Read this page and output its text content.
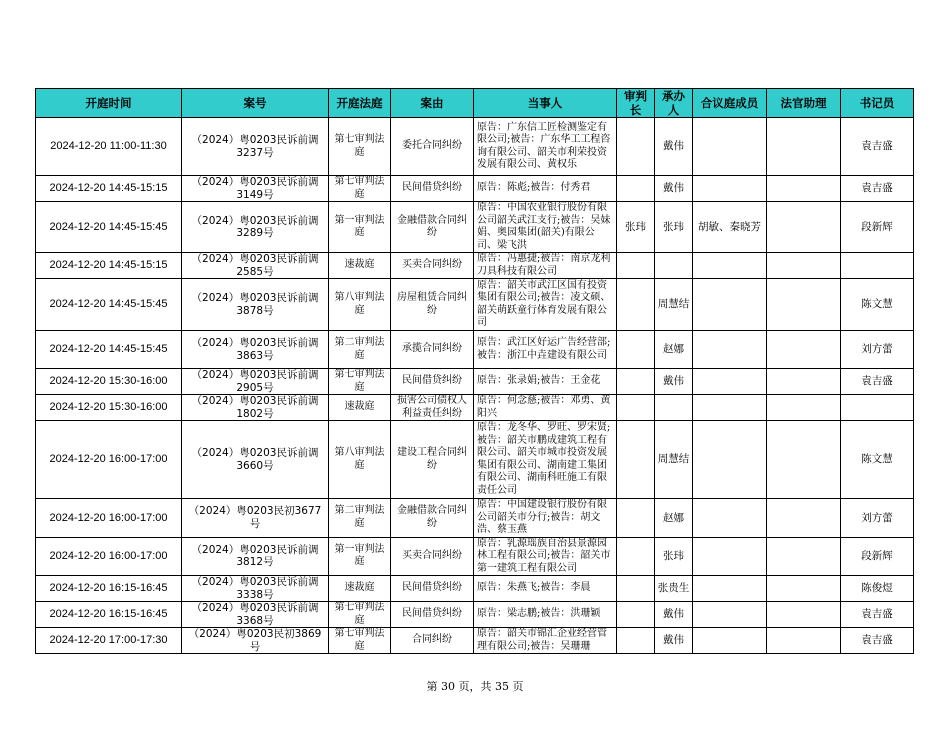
开庭时间	案号	开庭法庭	案由	当事人	审判长	承办人	合议庭成员	法官助理	书记员
2024-12-20 11:00-11:30	（2024）粤0203民诉前调3237号	第七审判法庭	委托合同纠纷	原告：广东信工匠检测鉴定有限公司;被告：广东华工工程咨询有限公司、韶关市利荣投资发展有限公司、黄权乐		戴伟			袁吉盛
2024-12-20 14:45-15:15	（2024）粤0203民诉前调3149号	第七审判法庭	民间借贷纠纷	原告：陈彪;被告：付秀君		戴伟			袁吉盛
2024-12-20 14:45-15:45	（2024）粤0203民诉前调3289号	第一审判法庭	金融借款合同纠纷	原告：中国农业银行股份有限公司韶关武江支行;被告：吴妹娟、奥园集团(韶关)有限公司、梁飞洪	张玮	张玮	胡敏、秦晓芳		段新辉
2024-12-20 14:45-15:15	（2024）粤0203民诉前调2585号	速裁庭	买卖合同纠纷	原告：冯惠捷;被告：南京龙利刀具科技有限公司					
2024-12-20 14:45-15:45	（2024）粤0203民诉前调3878号	第八审判法庭	房屋租赁合同纠纷	原告：韶关市武江区国有投资集团有限公司;被告：凌文硕、韶关萌跃童行体育发展有限公司		周慧结			陈文慧
2024-12-20 14:45-15:45	（2024）粤0203民诉前调3863号	第二审判法庭	承揽合同纠纷	原告：武江区好运广告经营部;被告：浙江中垚建设有限公司		赵娜			刘方蕾
2024-12-20 15:30-16:00	（2024）粤0203民诉前调2905号	第七审判法庭	民间借贷纠纷	原告：张录娟;被告：王金花		戴伟			袁吉盛
2024-12-20 15:30-16:00	（2024）粤0203民诉前调1802号	速裁庭	损害公司债权人利益责任纠纷	原告：何念慈;被告：邓勇、黄阳兴					
2024-12-20 16:00-17:00	（2024）粤0203民诉前调3660号	第八审判法庭	建设工程合同纠纷	原告：龙冬华、罗旺、罗宋贤;被告：韶关市鹏成建筑工程有限公司、韶关市城市投资发展集团有限公司、湖南建工集团有限公司、湖南科旺施工有限责任公司		周慧结			陈文慧
2024-12-20 16:00-17:00	（2024）粤0203民初3677号	第二审判法庭	金融借款合同纠纷	原告：中国建设银行股份有限公司韶关市分行;被告：胡文浩、蔡玉燕		赵娜			刘方蕾
2024-12-20 16:00-17:00	（2024）粤0203民诉前调3812号	第一审判法庭	买卖合同纠纷	原告：乳源瑶族自治县景源园林工程有限公司;被告：韶关市第一建筑工程有限公司		张玮			段新辉
2024-12-20 16:15-16:45	（2024）粤0203民诉前调3338号	速裁庭	民间借贷纠纷	原告：朱燕飞;被告：李晨		张贵生			陈俊煜
2024-12-20 16:15-16:45	（2024）粤0203民诉前调3368号	第七审判法庭	民间借贷纠纷	原告：梁志鹏;被告：洪珊颖		戴伟			袁吉盛
2024-12-20 17:00-17:30	（2024）粤0203民初3869号	第七审判法庭	合同纠纷	原告：韶关市锦汇企业经营管理有限公司;被告：吴珊珊		戴伟			袁吉盛
第 30 页，共 35 页
